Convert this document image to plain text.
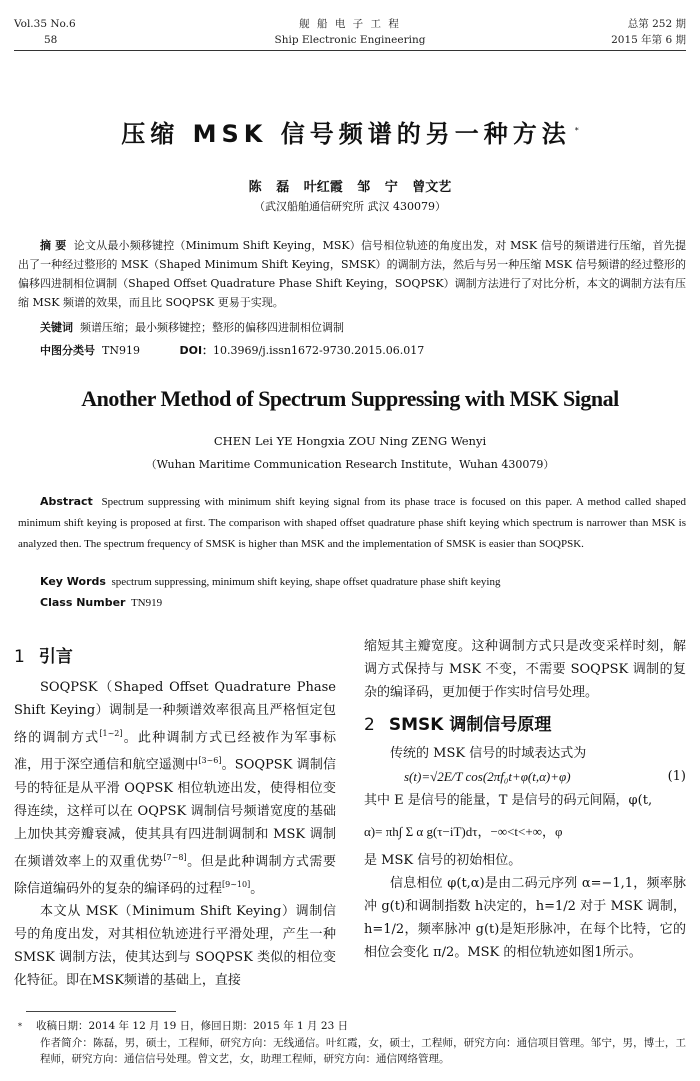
Vol.35 No.6
58
舰 船 电 子 工 程
Ship Electronic Engineering
总第 252 期
2015 年第 6 期
压缩 MSK 信号频谱的另一种方法 *
陈 磊 叶红霞 邹 宁 曾文艺
（武汉船舶通信研究所 武汉 430079）
摘 要 论文从最小频移键控（Minimum Shift Keying，MSK）信号相位轨迹的角度出发，对 MSK 信号的频谱进行压缩，首先提出了一种经过整形的 MSK（Shaped Minimum Shift Keying，SMSK）的调制方法，然后与另一种压缩 MSK 信号频谱的经过整形的偏移四进制相位调制（Shaped Offset Quadrature Phase Shift Keying，SOQPSK）调制方法进行了对比分析，本文的调制方法有压缩 MSK 频谱的效果，而且比 SOQPSK 更易于实现。
关键词 频谱压缩；最小频移键控；整形的偏移四进制相位调制
中图分类号 TN919	DOI：10.3969/j.issn1672-9730.2015.06.017
Another Method of Spectrum Suppressing with MSK Signal
CHEN Lei YE Hongxia ZOU Ning ZENG Wenyi
（Wuhan Maritime Communication Research Institute，Wuhan 430079）
Abstract Spectrum suppressing with minimum shift keying signal from its phase trace is focused on this paper. A method called shaped minimum shift keying is proposed at first. The comparison with shaped offset quadrature phase shift keying which spectrum is narrower than MSK is analyzed then. The spectrum frequency of SMSK is higher than MSK and the implementation of SMSK is easier than SOQPSK.
Key Words spectrum suppressing, minimum shift keying, shape offset quadrature phase shift keying
Class Number TN919
1 引言

SOQPSK（Shaped Offset Quadrature Phase Shift Keying）调制是一种频谱效率很高且严格恒定包络的调制方式[1~2]。此种调制方式已经被作为军事标准，用于深空通信和航空遥测中[3~6]。SOQPSK 调制信号的特征是从平滑 OQPSK 相位轨迹出发，使得相位变得连续，这样可以在 OQPSK 调制信号频谱宽度的基础上加快其旁瓣衰减，使其具有四进制调制和 MSK 调制在频谱效率上的双重优势[7~8]。但是此种调制方式需要除信道编码外的复杂的编译码的过程[9~10]。

本文从 MSK（Minimum Shift Keying）调制信号的角度出发，对其相位轨迹进行平滑处理，产生一种 SMSK 调制方法，使其达到与 SOQPSK 类似的相位变化特征。即在MSK频谱的基础上，直接

缩短其主瓣宽度。这种调制方式只是改变采样时刻，解调方式保持与 MSK 不变，不需要 SOQPSK 调制的复杂的编译码，更加便于作实时信号处理。

2 SMSK 调制信号原理

传统的 MSK 信号的时域表达式为

s(t)=√2E/T cos(2πf₀t+φ(t,α)+φ)	(1)

其中 E 是信号的能量，T 是信号的码元间隔，φ(t,

α)= πh∫ Σ α g(τ−iT)dτ，−∞<t<+∞，φ

是 MSK 信号的初始相位。

信息相位 φ(t,α)是由二码元序列 α=−1,1，频率脉冲 g(t)和调制指数 h决定的，h=1/2 对于 MSK 调制，h=1/2，频率脉冲 g(t)是矩形脉冲，在每个比特，它的相位会变化 π/2。MSK 的相位轨迹如图1所示。

* 收稿日期：2014 年 12 月 19 日，修回日期：2015 年 1 月 23 日
作者简介：陈磊，男，硕士，工程师，研究方向：无线通信。叶红霞，女，硕士，工程师，研究方向：通信项目管理。邹宁，男，博士，工程师，研究方向：通信信号处理。曾文艺，女，助理工程师，研究方向：通信网络管理。
